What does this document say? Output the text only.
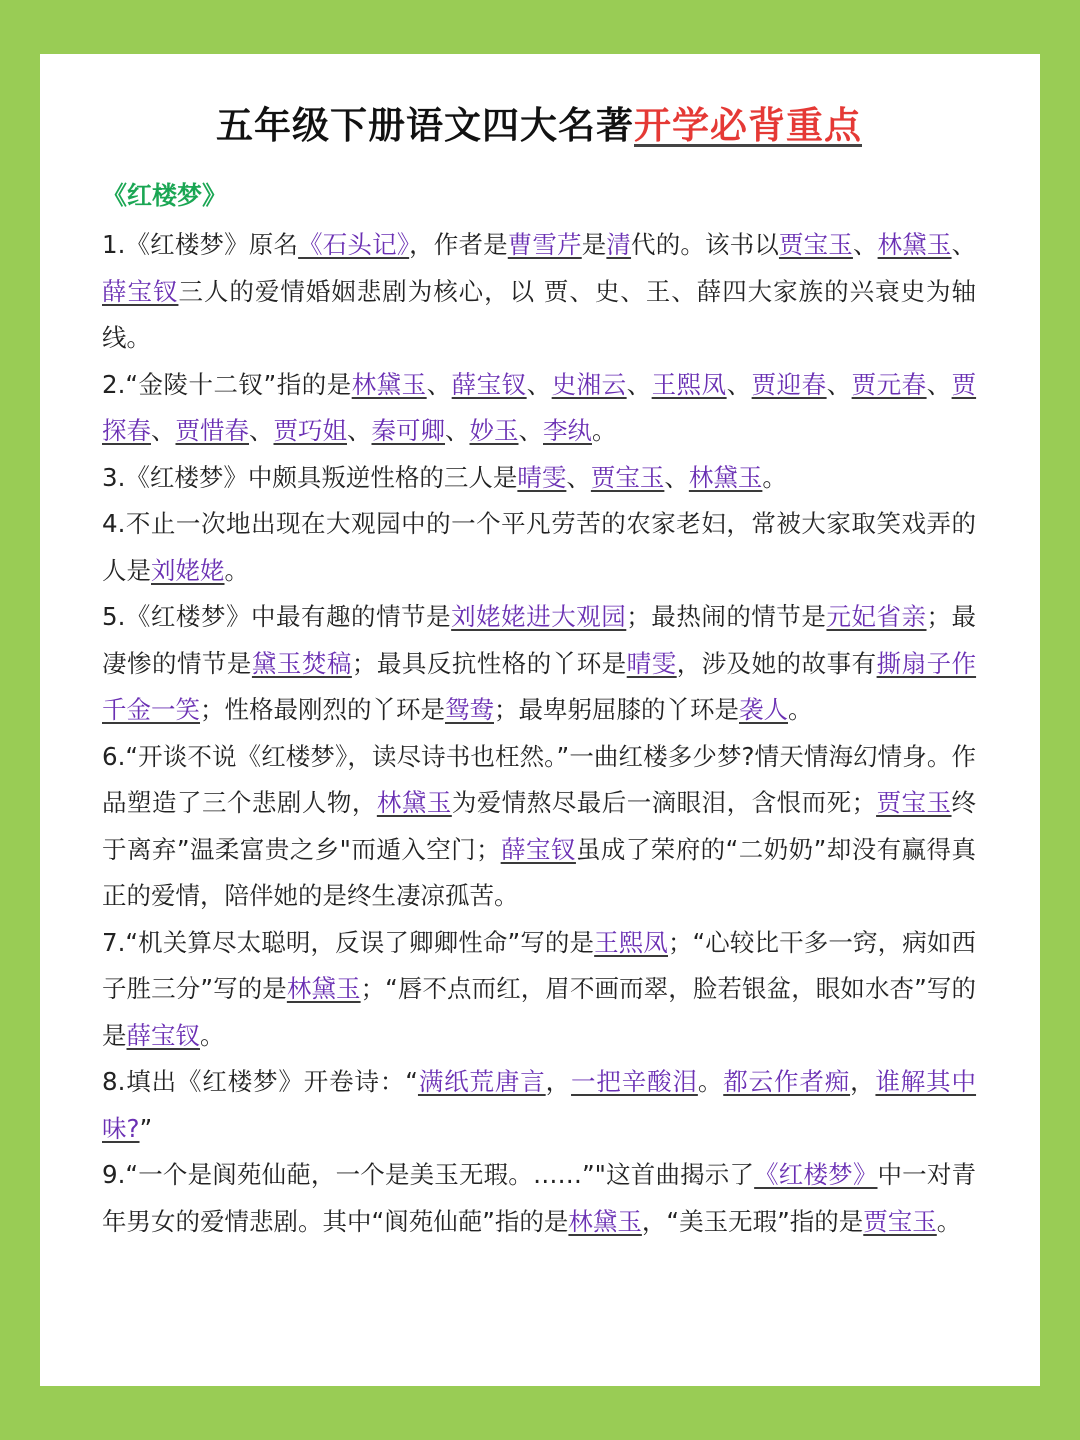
五年级下册语文四大名著开学必背重点
《红楼梦》

1.《红楼梦》原名《石头记》，作者是曹雪芹是清代的。该书以贾宝玉、林黛玉、薛宝钗三人的爱情婚姻悲剧为核心，以 贾、史、王、薛四大家族的兴衰史为轴线。

2.“金陵十二钗”指的是林黛玉、薛宝钗、史湘云、王熙凤、贾迎春、贾元春、贾探春、贾惜春、贾巧姐、秦可卿、妙玉、李纨。

3.《红楼梦》中颇具叛逆性格的三人是晴雯、贾宝玉、林黛玉。

4.不止一次地出现在大观园中的一个平凡劳苦的农家老妇，常被大家取笑戏弄的人是刘姥姥。

5.《红楼梦》中最有趣的情节是刘姥姥进大观园；最热闹的情节是元妃省亲；最凄惨的情节是黛玉焚稿；最具反抗性格的丫环是晴雯，涉及她的故事有撕扇子作千金一笑；性格最刚烈的丫环是鸳鸯；最卑躬屈膝的丫环是袭人。

6.“开谈不说《红楼梦》，读尽诗书也枉然。”一曲红楼多少梦?情天情海幻情身。作品塑造了三个悲剧人物，林黛玉为爱情熬尽最后一滴眼泪，含恨而死；贾宝玉终于离弃”温柔富贵之乡"而遁入空门；薛宝钗虽成了荣府的“二奶奶”却没有赢得真正的爱情，陪伴她的是终生凄凉孤苦。

7.“机关算尽太聪明，反误了卿卿性命”写的是王熙凤；“心较比干多一窍，病如西子胜三分”写的是林黛玉；“唇不点而红，眉不画而翠，脸若银盆，眼如水杏”写的是薛宝钗。

8.填出《红楼梦》开卷诗：“满纸荒唐言，一把辛酸泪。都云作者痴，谁解其中味?”

9.“一个是阆苑仙葩，一个是美玉无瑕。……”"这首曲揭示了《红楼梦》中一对青年男女的爱情悲剧。其中“阆苑仙葩”指的是林黛玉，“美玉无瑕”指的是贾宝玉。
